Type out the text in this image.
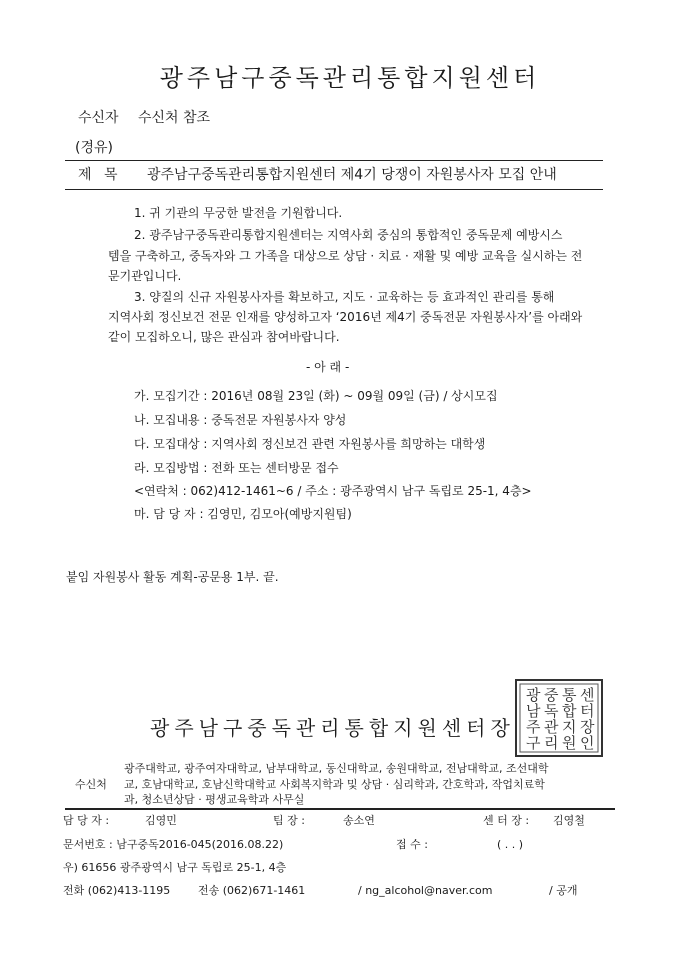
광주남구중독관리통합지원센터
수신자 수신처 참조
(경유)
제 목 광주남구중독관리통합지원센터 제4기 당쟁이 자원봉사자 모집 안내
1. 귀 기관의 무궁한 발전을 기원합니다.
2. 광주남구중독관리통합지원센터는 지역사회 중심의 통합적인 중독문제 예방시스
템을 구축하고, 중독자와 그 가족을 대상으로 상담 · 치료 · 재활 및 예방 교육을 실시하는 전
문기관입니다.
3. 양질의 신규 자원봉사자를 확보하고, 지도 · 교육하는 등 효과적인 관리를 통해
지역사회 정신보건 전문 인재를 양성하고자 ‘2016년 제4기 중독전문 자원봉사자’를 아래와
같이 모집하오니, 많은 관심과 참여바랍니다.
- 아 래 -
가. 모집기간 : 2016년 08월 23일 (화) ~ 09월 09일 (금) / 상시모집
나. 모집내용 : 중독전문 자원봉사자 양성
다. 모집대상 : 지역사회 정신보건 관련 자원봉사를 희망하는 대학생
라. 모집방법 : 전화 또는 센터방문 접수
<연락처 : 062)412-1461~6 / 주소 : 광주광역시 남구 독립로 25-1, 4층>
마. 담 당 자 : 김영민, 김모아(예방지원팀)
붙임 자원봉사 활동 계획-공문용 1부. 끝.
광주남구중독관리통합지원센터장
광
남
주
구
중
독
관
리
통
합
지
원
센
터
장
인
수신처
광주대학교, 광주여자대학교, 남부대학교, 동신대학교, 송원대학교, 전남대학교, 조선대학
교, 호남대학교, 호남신학대학교 사회복지학과 및 상담 · 심리학과, 간호학과, 작업치료학
과, 청소년상담 · 평생교육학과 사무실
담 당 자 :	김영민	팀 장 :	송소연	센 터 장 : 김영철
문서번호 : 남구중독2016-045(2016.08.22)	접 수 :	( . . )
우) 61656 광주광역시 남구 독립로 25-1, 4층
전화 (062)413-1195	전송 (062)671-1461	/ ng_alcohol@naver.com	/ 공개
